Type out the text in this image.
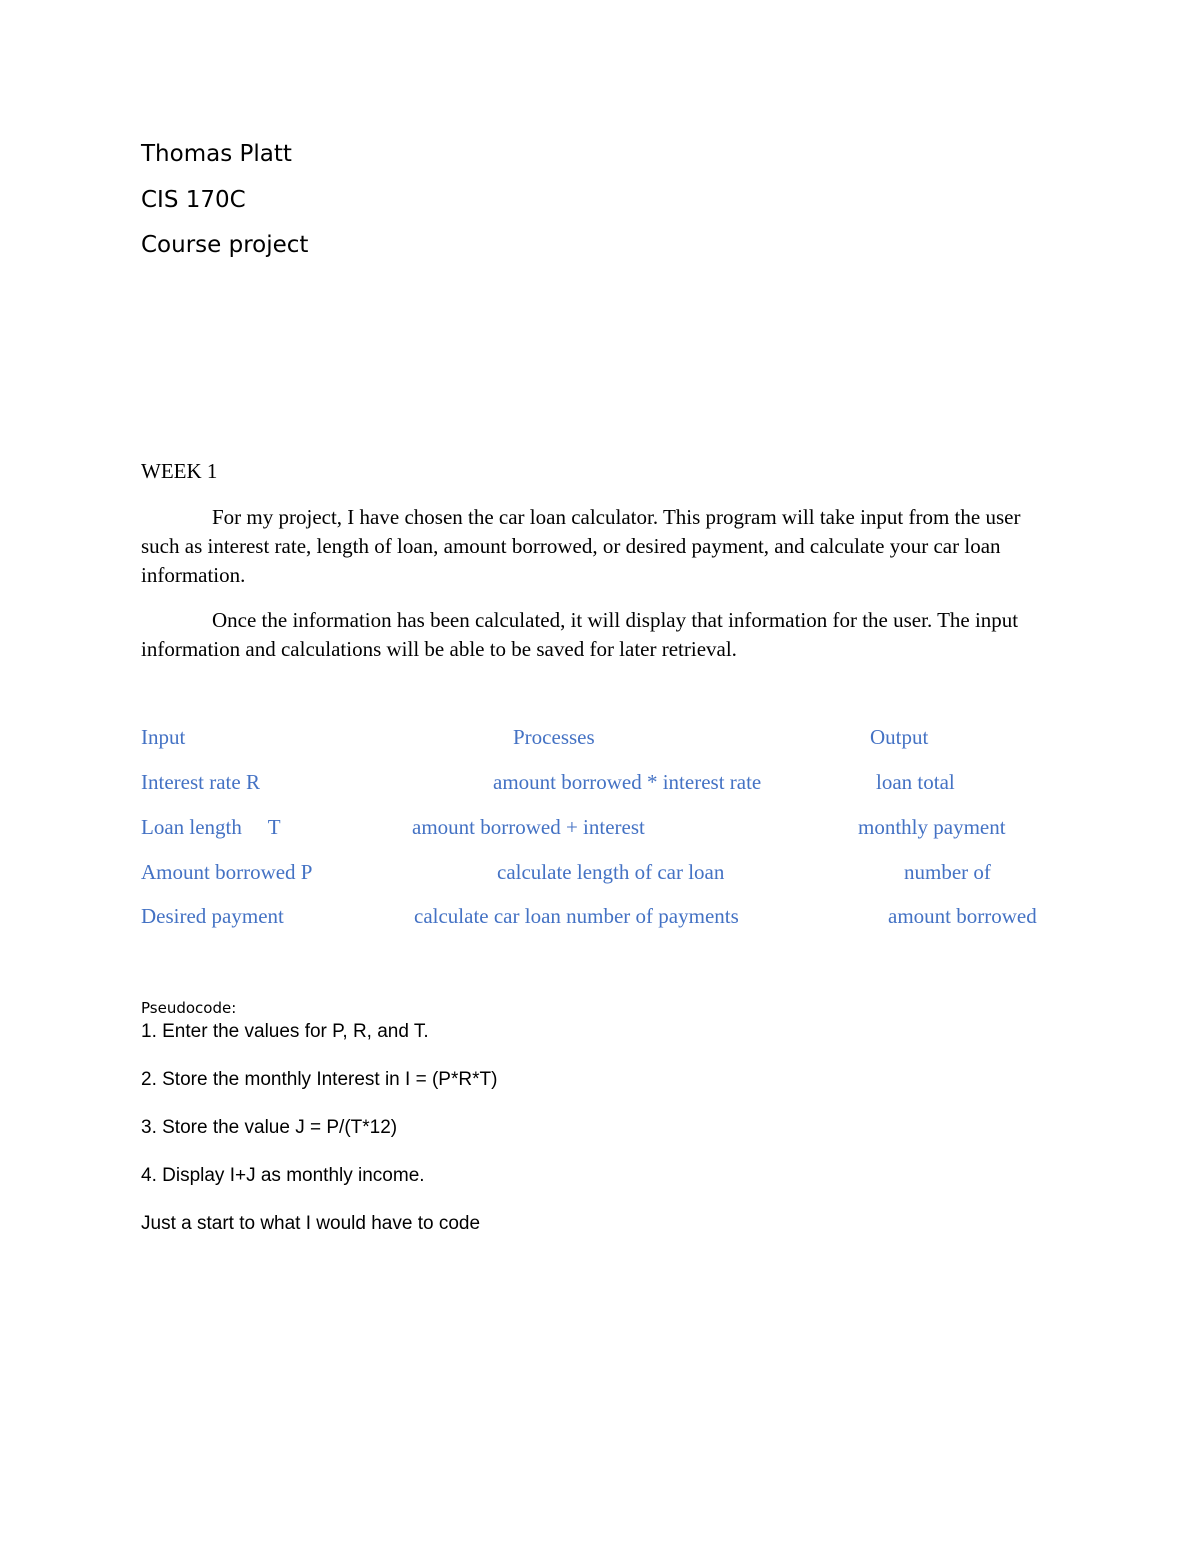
Thomas Platt
CIS 170C
Course project
WEEK 1
For my project, I have chosen the car loan calculator. This program will take input from the user such as interest rate, length of loan, amount borrowed, or desired payment, and calculate your car loan information.
Once the information has been calculated, it will display that information for the user. The input information and calculations will be able to be saved for later retrieval.
Input	Processes	Output
Interest rate R	amount borrowed * interest rate	loan total
Loan length     T	amount borrowed + interest	monthly payment
Amount borrowed P	calculate length of car loan	number of
Desired payment	calculate car loan number of payments	amount borrowed
Pseudocode:
1. Enter the values for P, R, and T.
2. Store the monthly Interest in I = (P*R*T)
3. Store the value J = P/(T*12)
4. Display I+J as monthly income.
Just a start to what I would have to code
